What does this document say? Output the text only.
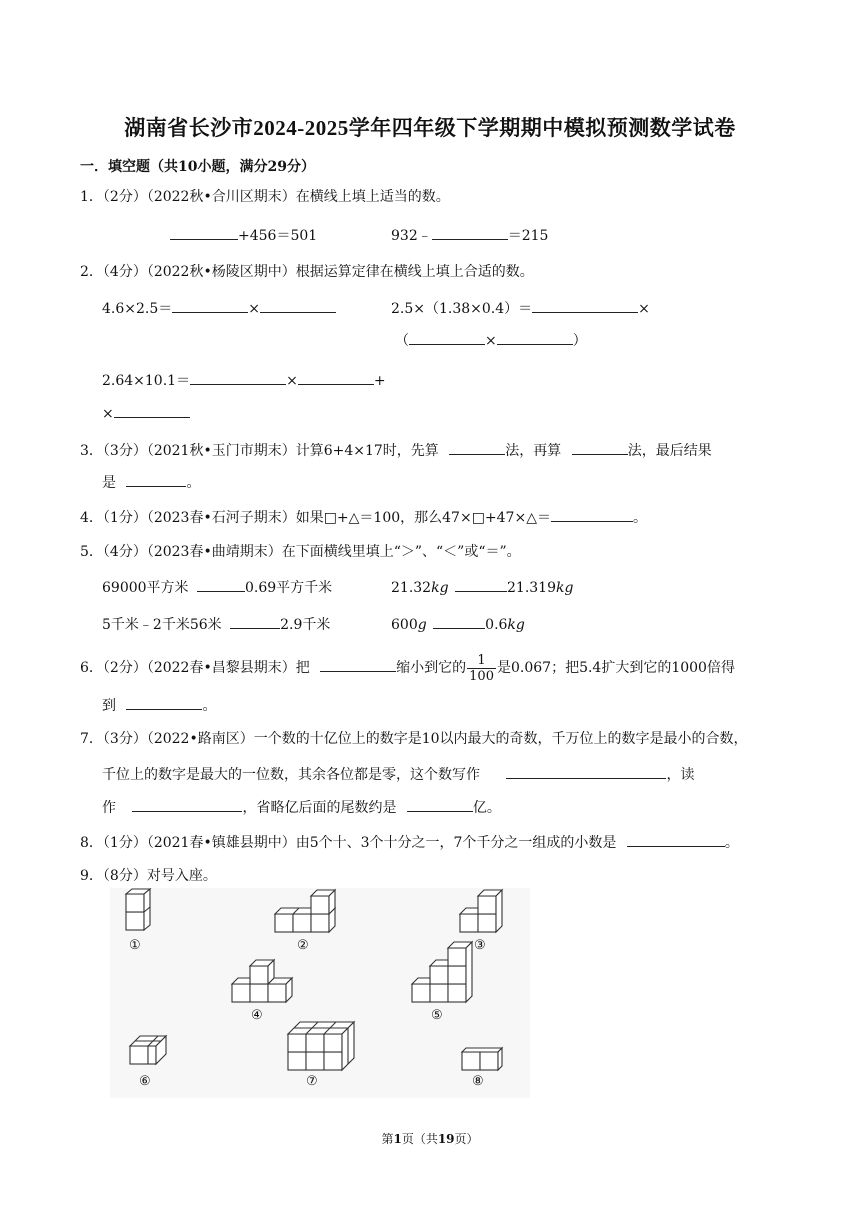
湖南省长沙市2024-2025学年四年级下学期期中模拟预测数学试卷
一．填空题（共10小题，满分29分）
1．（2分）（2022秋•合川区期末）在横线上填上适当的数。
+456＝501	932﹣	＝215
2．（4分）（2022秋•杨陵区期中）根据运算定律在横线上填上合适的数。
4.6×2.5＝	×	2.5×（1.38×0.4）＝	×
（	×	）
2.64×10.1＝	×	+
×
3．（3分）（2021秋•玉门市期末）计算6+4×17时，先算	法，再算	法，最后结果
是	。
4．（1分）（2023春•石河子期末）如果□+△＝100，那么47×□+47×△＝	。
5．（4分）（2023春•曲靖期末）在下面横线里填上“＞”、“＜”或“＝”。
69000平方米	0.69平方千米	21.32kg	21.319kg
5千米﹣2千米56米	2.9千米	600g	0.6kg
6．（2分）（2022春•昌黎县期末）把	缩小到它的 $\frac{1}{100}$ 是0.067；把5.4扩大到它的1000倍得
到	。
7．（3分）（2022•路南区）一个数的十亿位上的数字是10以内最大的奇数，千万位上的数字是最小的合数，
千位上的数字是最大的一位数，其余各位都是零，这个数写作	，读
作	，省略亿后面的尾数约是	亿。
8．（1分）（2021春•镇雄县期中）由5个十、3个十分之一，7个千分之一组成的小数是	。
9．（8分）对号入座。
①	②	③
④	⑤
⑥	⑦	⑧
第1页（共19页）
